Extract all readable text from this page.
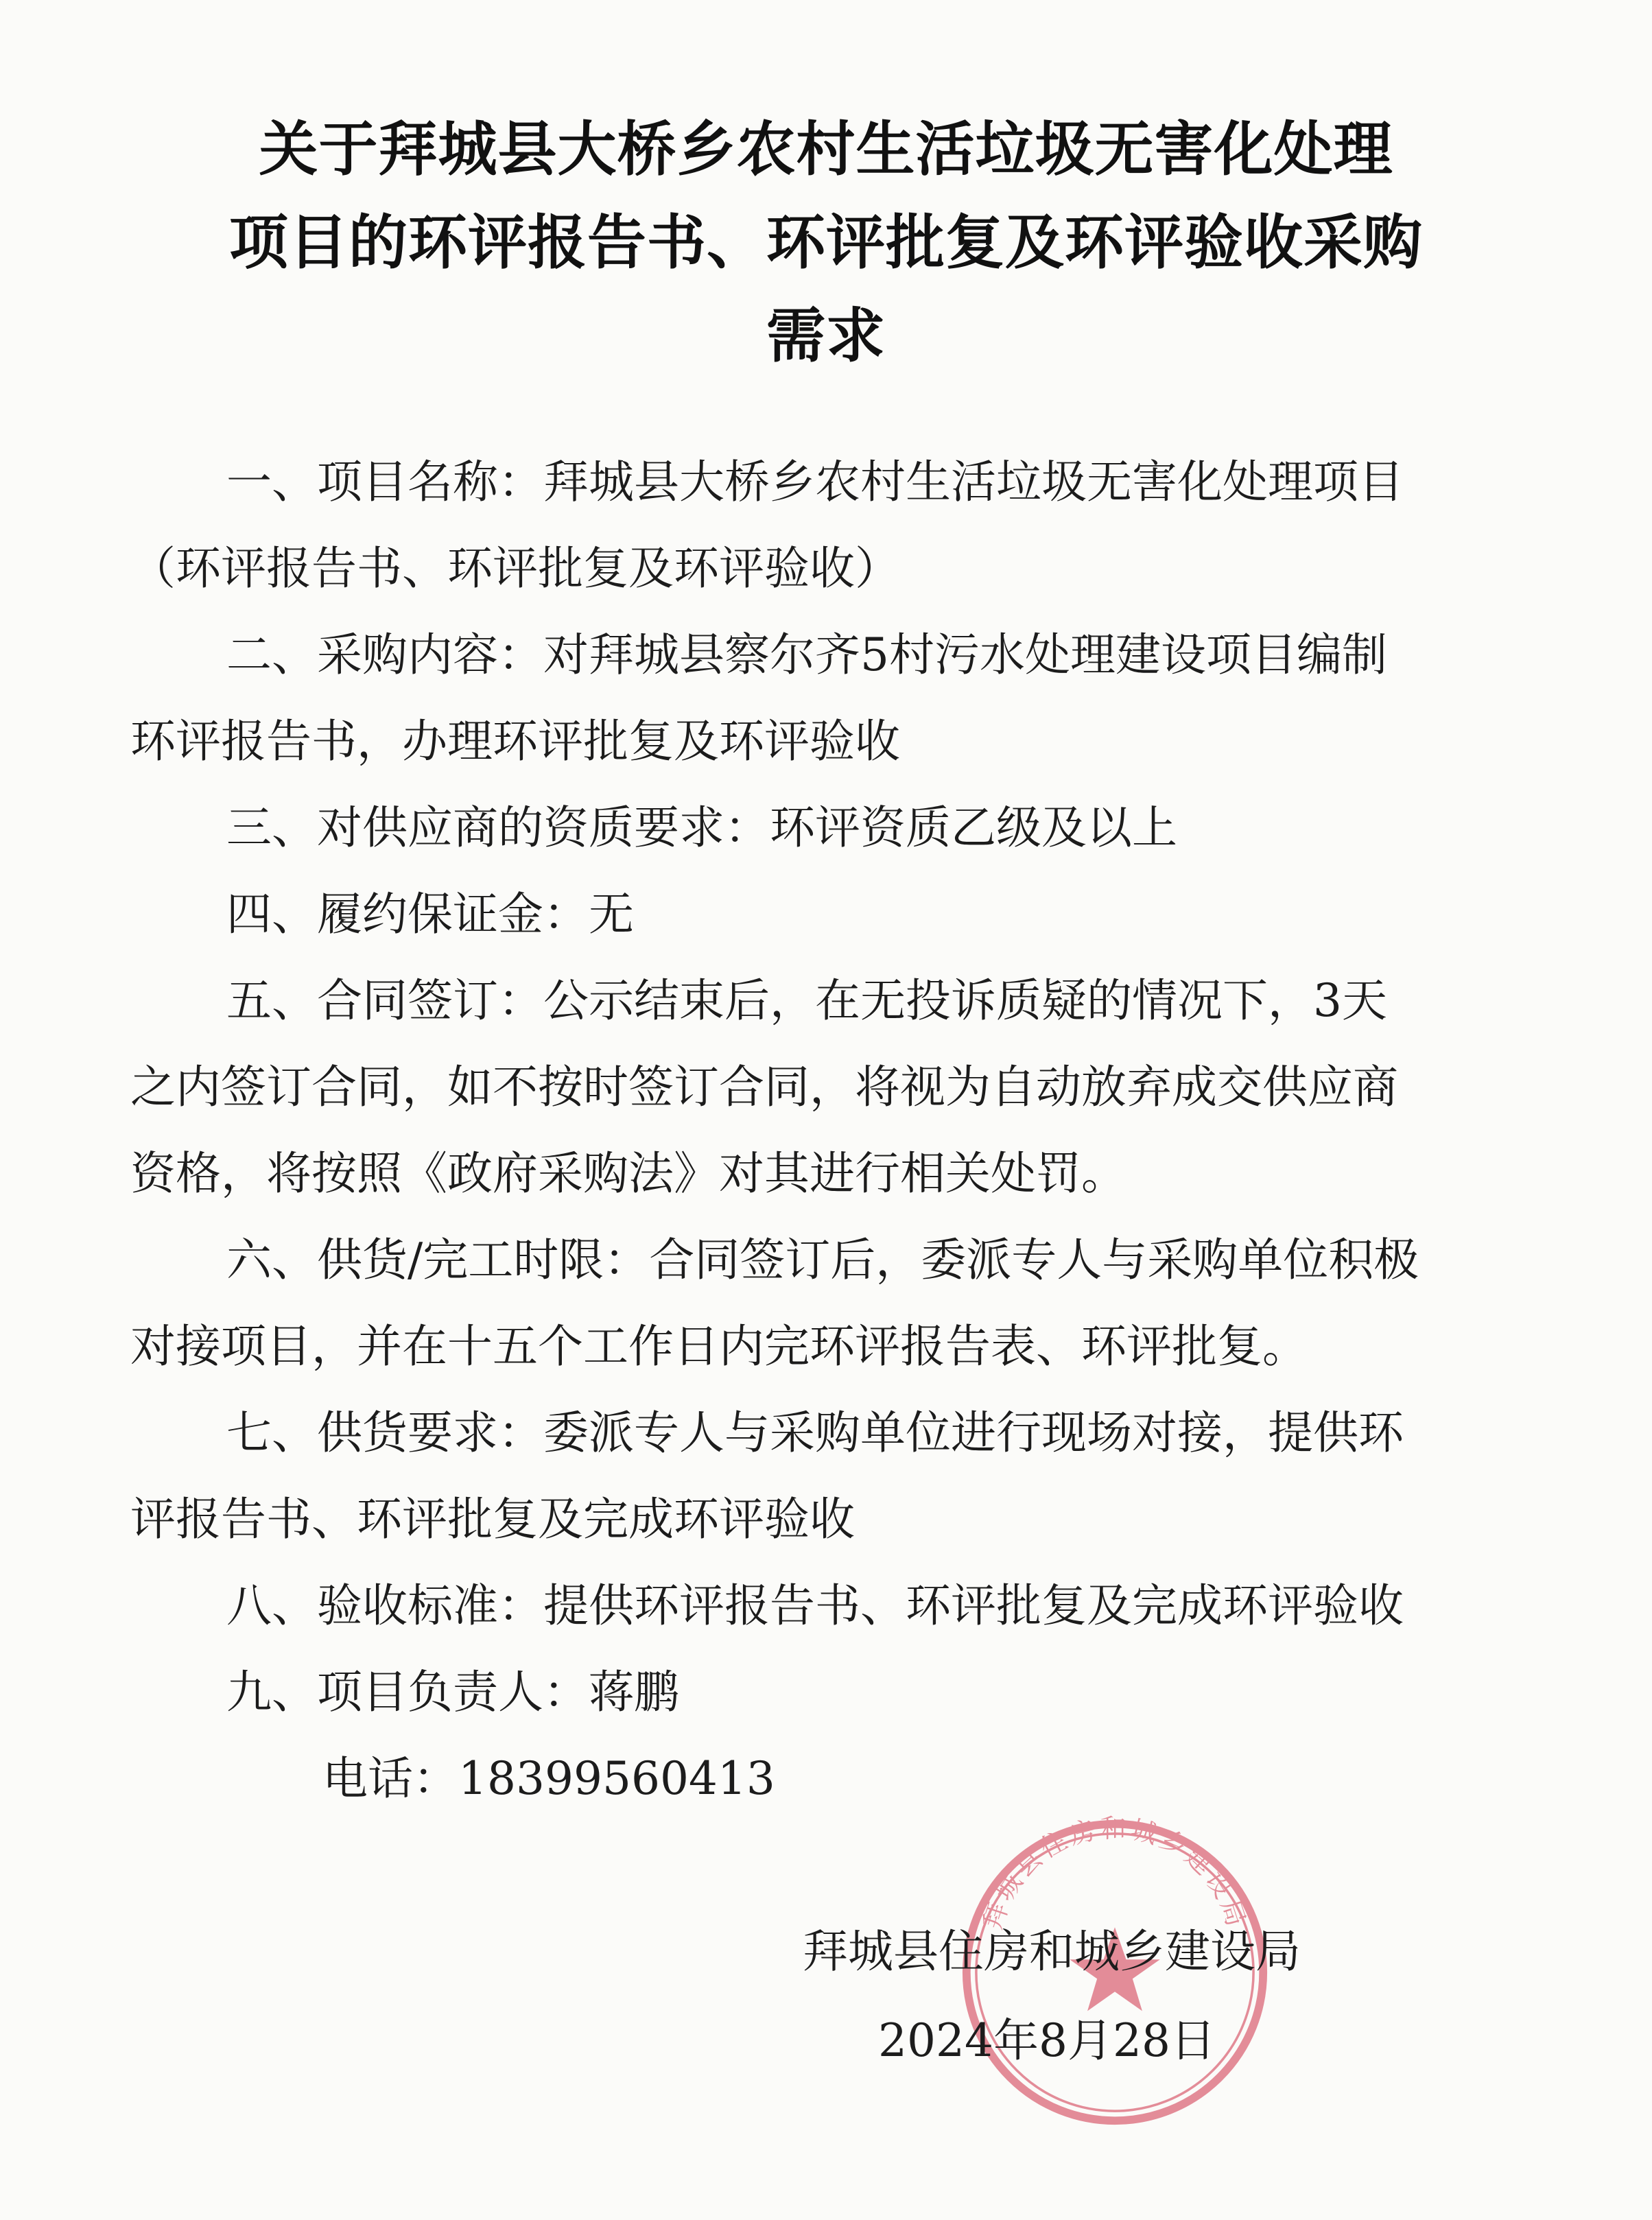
关于拜城县大桥乡农村生活垃圾无害化处理
项目的环评报告书、环评批复及环评验收采购
需求

一、项目名称：拜城县大桥乡农村生活垃圾无害化处理项目（环评报告书、环评批复及环评验收）

二、采购内容：对拜城县察尔齐5村污水处理建设项目编制环评报告书，办理环评批复及环评验收

三、对供应商的资质要求：环评资质乙级及以上

四、履约保证金：无

五、合同签订：公示结束后，在无投诉质疑的情况下，3天之内签订合同，如不按时签订合同，将视为自动放弃成交供应商资格，将按照《政府采购法》对其进行相关处罚。

六、供货/完工时限：合同签订后，委派专人与采购单位积极对接项目，并在十五个工作日内完环评报告表、环评批复。

七、供货要求：委派专人与采购单位进行现场对接，提供环评报告书、环评批复及完成环评验收

八、验收标准：提供环评报告书、环评批复及完成环评验收

九、项目负责人：蒋鹏

电话：18399560413

拜城县住房和城乡建设局
拜城县住房和城乡建设局
2024年8月28日
